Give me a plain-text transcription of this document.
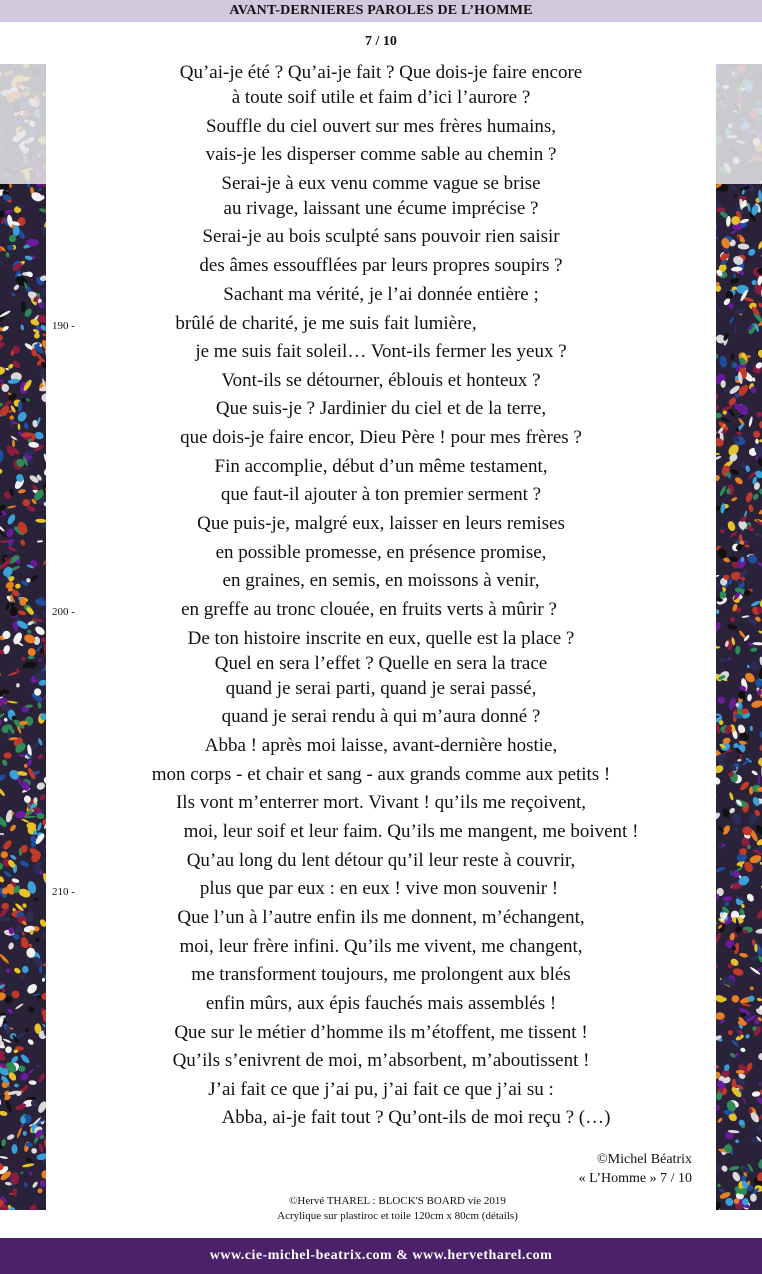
AVANT-DERNIERES PAROLES DE L’HOMME
7 / 10
Qu’ai-je été ? Qu’ai-je fait ? Que dois-je faire encore
à toute soif utile et faim d’ici l’aurore ?
Souffle du ciel ouvert sur mes frères humains,
vais-je les disperser comme sable au chemin ?
Serai-je à eux venu comme vague se brise
au rivage, laissant une écume imprécise ?
Serai-je au bois sculpté sans pouvoir rien saisir
des âmes essoufflées par leurs propres soupirs ?
Sachant ma vérité, je l’ai donnée entière ;
brûlé de charité, je me suis fait lumière,
je me suis fait soleil… Vont-ils fermer les yeux ?
Vont-ils se détourner, éblouis et honteux ?
Que suis-je ? Jardinier du ciel et de la terre,
que dois-je faire encor, Dieu Père ! pour mes frères ?
Fin accomplie, début d’un même testament,
que faut-il ajouter à ton premier serment ?
Que puis-je, malgré eux, laisser en leurs remises
en possible promesse, en présence promise,
en graines, en semis, en moissons à venir,
en greffe au tronc clouée, en fruits verts à mûrir ?
De ton histoire inscrite en eux, quelle est la place ?
Quel en sera l’effet ? Quelle en sera la trace
quand je serai parti, quand je serai passé,
quand je serai rendu à qui m’aura donné ?
Abba ! après moi laisse, avant-dernière hostie,
mon corps - et chair et sang - aux grands comme aux petits !
Ils vont m’enterrer mort. Vivant ! qu’ils me reçoivent,
moi, leur soif et leur faim. Qu’ils me mangent, me boivent !
Qu’au long du lent détour qu’il leur reste à couvrir,
plus que par eux : en eux ! vive mon souvenir !
Que l’un à l’autre enfin ils me donnent, m’échangent,
moi, leur frère infini. Qu’ils me vivent, me changent,
me transforment toujours, me prolongent aux blés
enfin mûrs, aux épis fauchés mais assemblés !
Que sur le métier d’homme ils m’étoffent, me tissent !
Qu’ils s’enivrent de moi, m’absorbent, m’aboutissent !
J’ai fait ce que j’ai pu, j’ai fait ce que j’ai su :
Abba, ai-je fait tout ? Qu’ont-ils de moi reçu ? (…)
190 -
200 -
210 -
©Michel Béatrix
« L’Homme » 7 / 10
©Hervé THAREL : BLOCK'S BOARD vie 2019
Acrylique sur plastiroc et toile 120cm x 80cm (détails)
www.cie-michel-beatrix.com & www.hervetharel.com
